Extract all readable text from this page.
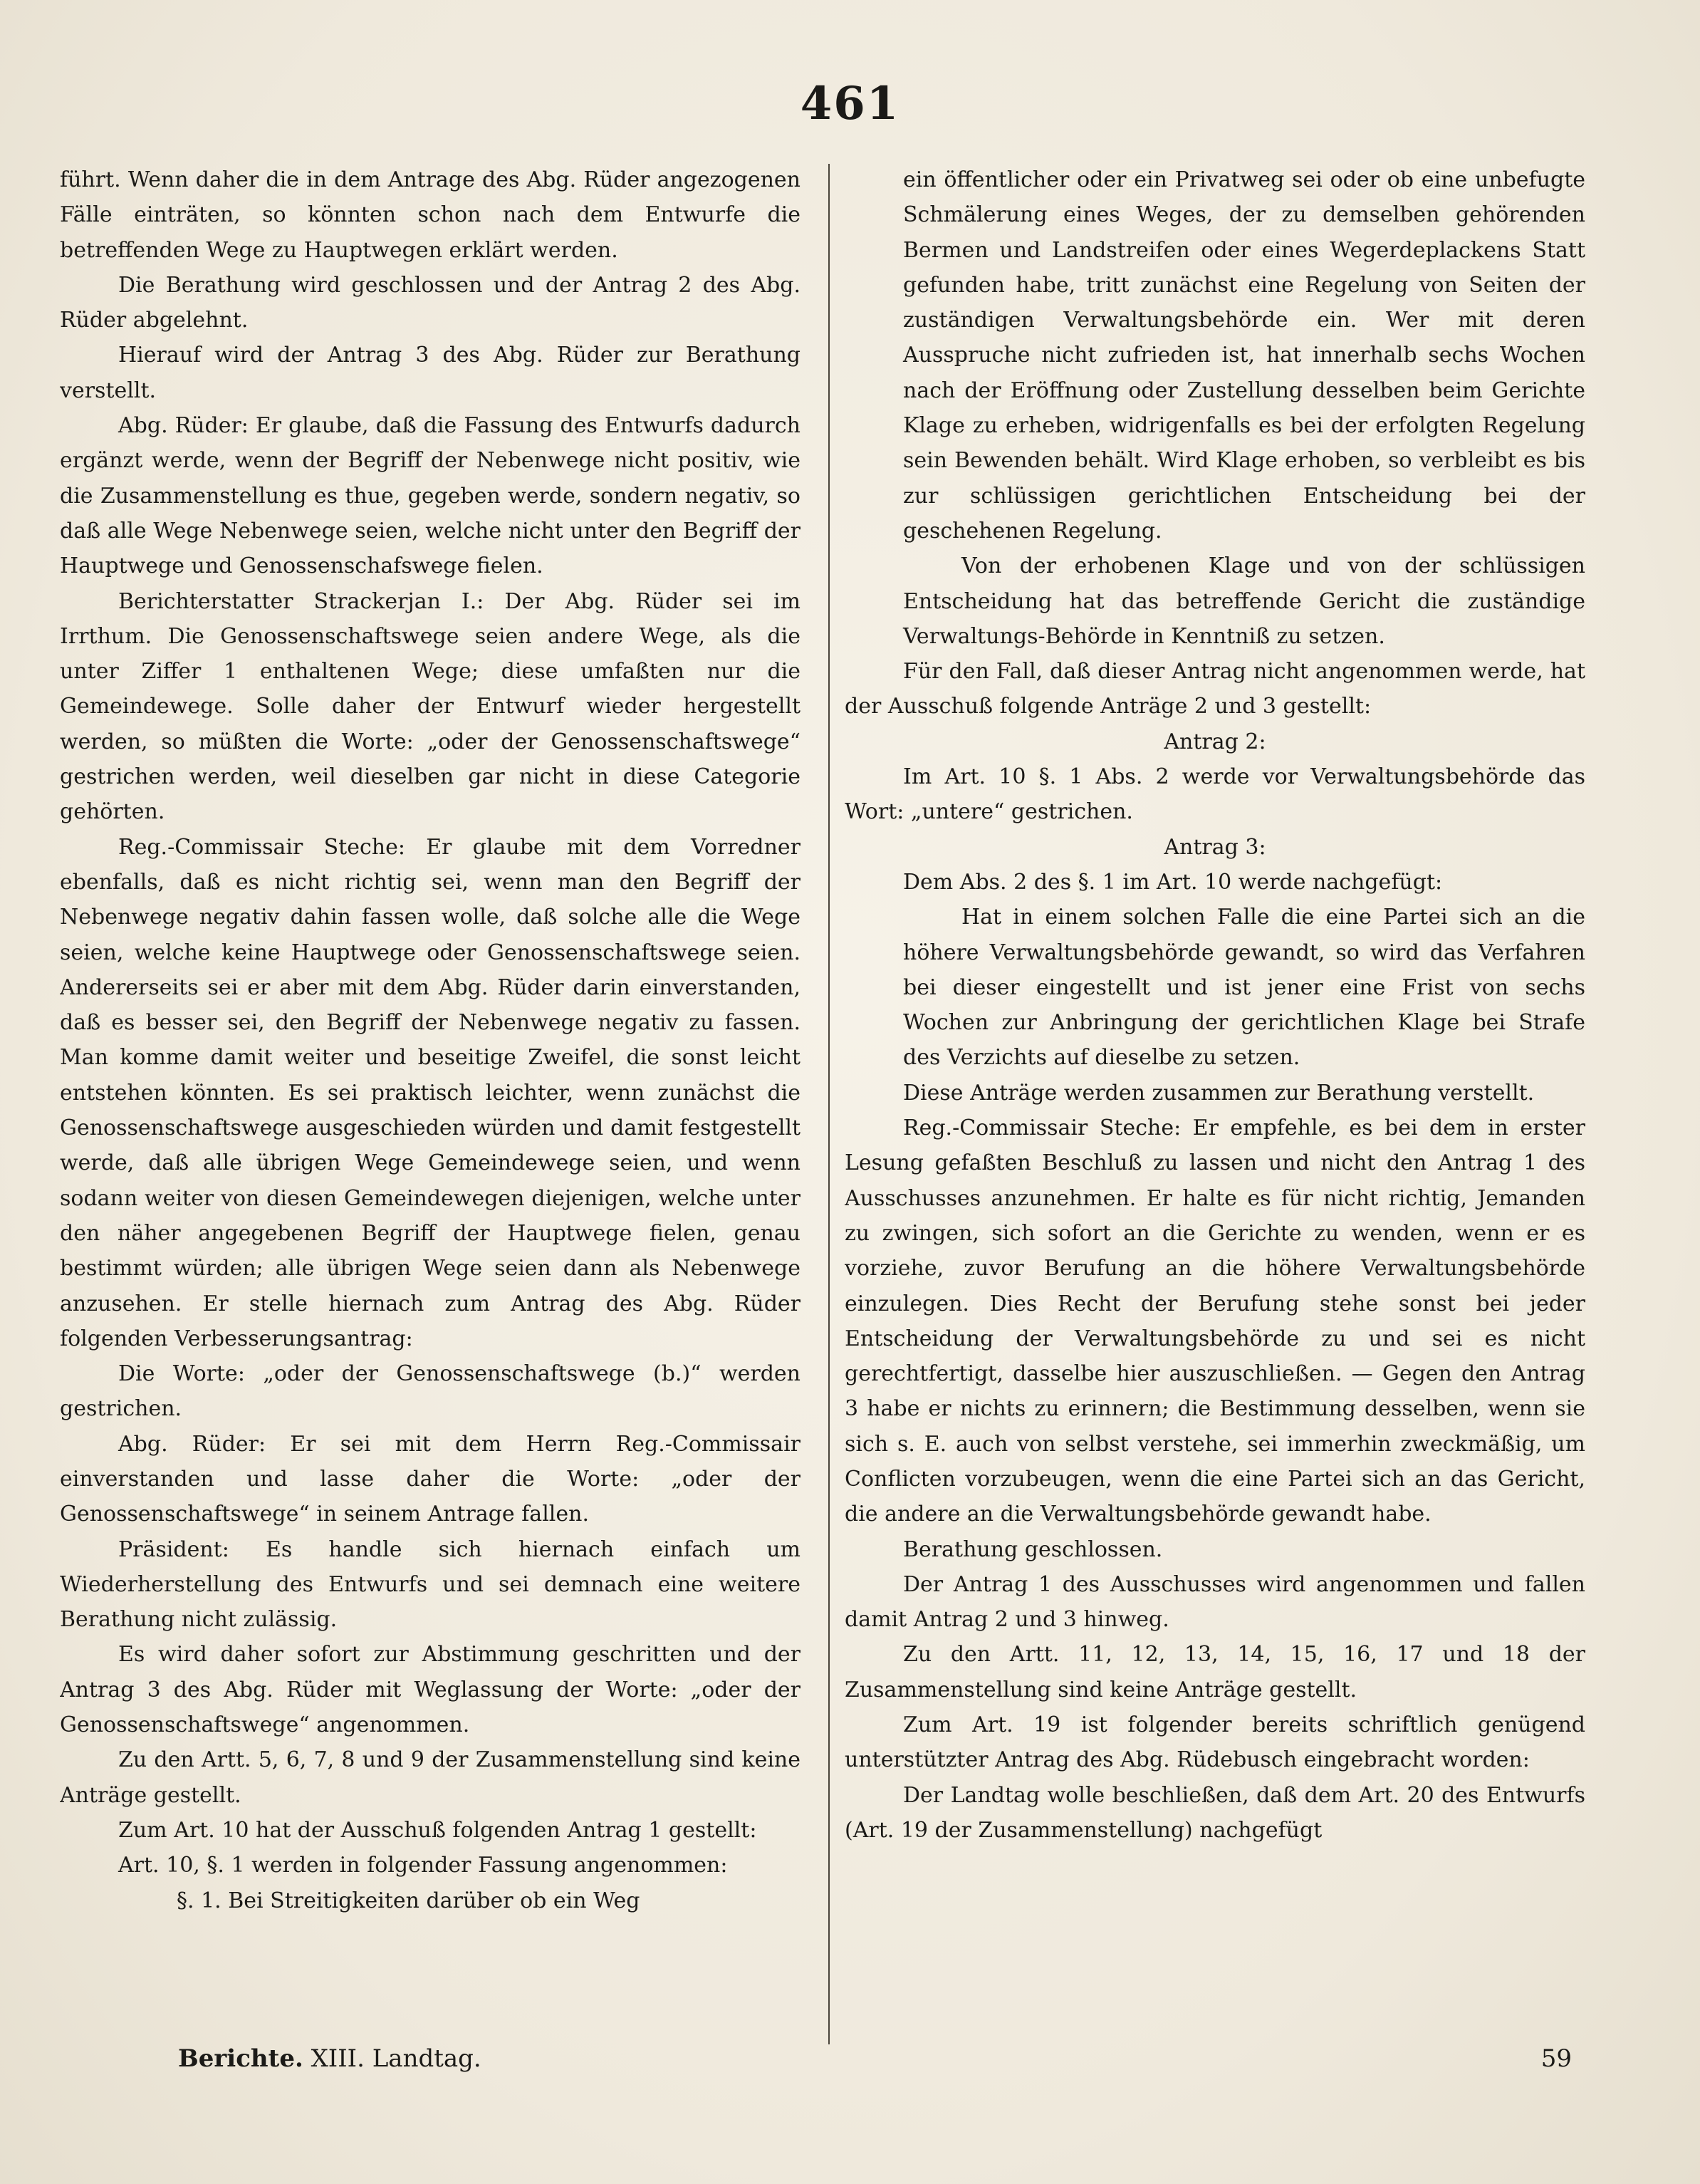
461

führt. Wenn daher die in dem Antrage des Abg. Rüder angezogenen Fälle einträten, so könnten schon nach dem Entwurfe die betreffenden Wege zu Hauptwegen erklärt werden.

Die Berathung wird geschlossen und der Antrag 2 des Abg. Rüder abgelehnt.

Hierauf wird der Antrag 3 des Abg. Rüder zur Berathung verstellt.

Abg. Rüder: Er glaube, daß die Fassung des Entwurfs dadurch ergänzt werde, wenn der Begriff der Nebenwege nicht positiv, wie die Zusammenstellung es thue, gegeben werde, sondern negativ, so daß alle Wege Nebenwege seien, welche nicht unter den Begriff der Hauptwege und Genossenschafswege fielen.

Berichterstatter Strackerjan I.: Der Abg. Rüder sei im Irrthum. Die Genossenschaftswege seien andere Wege, als die unter Ziffer 1 enthaltenen Wege; diese umfaßten nur die Gemeindewege. Solle daher der Entwurf wieder hergestellt werden, so müßten die Worte: „oder der Genossenschaftswege“ gestrichen werden, weil dieselben gar nicht in diese Categorie gehörten.

Reg.-Commissair Steche: Er glaube mit dem Vorredner ebenfalls, daß es nicht richtig sei, wenn man den Begriff der Nebenwege negativ dahin fassen wolle, daß solche alle die Wege seien, welche keine Hauptwege oder Genossenschaftswege seien. Andererseits sei er aber mit dem Abg. Rüder darin einverstanden, daß es besser sei, den Begriff der Nebenwege negativ zu fassen. Man komme damit weiter und beseitige Zweifel, die sonst leicht entstehen könnten. Es sei praktisch leichter, wenn zunächst die Genossenschaftswege ausgeschieden würden und damit festgestellt werde, daß alle übrigen Wege Gemeindewege seien, und wenn sodann weiter von diesen Gemeindewegen diejenigen, welche unter den näher angegebenen Begriff der Hauptwege fielen, genau bestimmt würden; alle übrigen Wege seien dann als Nebenwege anzusehen. Er stelle hiernach zum Antrag des Abg. Rüder folgenden Verbesserungsantrag:

Die Worte: „oder der Genossenschaftswege (b.)“ werden gestrichen.

Abg. Rüder: Er sei mit dem Herrn Reg.-Commissair einverstanden und lasse daher die Worte: „oder der Genossenschaftswege“ in seinem Antrage fallen.

Präsident: Es handle sich hiernach einfach um Wiederherstellung des Entwurfs und sei demnach eine weitere Berathung nicht zulässig.

Es wird daher sofort zur Abstimmung geschritten und der Antrag 3 des Abg. Rüder mit Weglassung der Worte: „oder der Genossenschaftswege“ angenommen.

Zu den Artt. 5, 6, 7, 8 und 9 der Zusammenstellung sind keine Anträge gestellt.

Zum Art. 10 hat der Ausschuß folgenden Antrag 1 gestellt:

Art. 10, §. 1 werden in folgender Fassung angenommen:

§. 1. Bei Streitigkeiten darüber ob ein Weg

ein öffentlicher oder ein Privatweg sei oder ob eine unbefugte Schmälerung eines Weges, der zu demselben gehörenden Bermen und Landstreifen oder eines Wegerdeplackens Statt gefunden habe, tritt zunächst eine Regelung von Seiten der zuständigen Verwaltungsbehörde ein. Wer mit deren Ausspruche nicht zufrieden ist, hat innerhalb sechs Wochen nach der Eröffnung oder Zustellung desselben beim Gerichte Klage zu erheben, widrigenfalls es bei der erfolgten Regelung sein Bewenden behält. Wird Klage erhoben, so verbleibt es bis zur schlüssigen gerichtlichen Entscheidung bei der geschehenen Regelung.

Von der erhobenen Klage und von der schlüssigen Entscheidung hat das betreffende Gericht die zuständige Verwaltungs-Behörde in Kenntniß zu setzen.

Für den Fall, daß dieser Antrag nicht angenommen werde, hat der Ausschuß folgende Anträge 2 und 3 gestellt:

Antrag 2:

Im Art. 10 §. 1 Abs. 2 werde vor Verwaltungsbehörde das Wort: „untere“ gestrichen.

Antrag 3:

Dem Abs. 2 des §. 1 im Art. 10 werde nachgefügt:

Hat in einem solchen Falle die eine Partei sich an die höhere Verwaltungsbehörde gewandt, so wird das Verfahren bei dieser eingestellt und ist jener eine Frist von sechs Wochen zur Anbringung der gerichtlichen Klage bei Strafe des Verzichts auf dieselbe zu setzen.

Diese Anträge werden zusammen zur Berathung verstellt.

Reg.-Commissair Steche: Er empfehle, es bei dem in erster Lesung gefaßten Beschluß zu lassen und nicht den Antrag 1 des Ausschusses anzunehmen. Er halte es für nicht richtig, Jemanden zu zwingen, sich sofort an die Gerichte zu wenden, wenn er es vorziehe, zuvor Berufung an die höhere Verwaltungsbehörde einzulegen. Dies Recht der Berufung stehe sonst bei jeder Entscheidung der Verwaltungsbehörde zu und sei es nicht gerechtfertigt, dasselbe hier auszuschließen. — Gegen den Antrag 3 habe er nichts zu erinnern; die Bestimmung desselben, wenn sie sich s. E. auch von selbst verstehe, sei immerhin zweckmäßig, um Conflicten vorzubeugen, wenn die eine Partei sich an das Gericht, die andere an die Verwaltungsbehörde gewandt habe.

Berathung geschlossen.

Der Antrag 1 des Ausschusses wird angenommen und fallen damit Antrag 2 und 3 hinweg.

Zu den Artt. 11, 12, 13, 14, 15, 16, 17 und 18 der Zusammenstellung sind keine Anträge gestellt.

Zum Art. 19 ist folgender bereits schriftlich genügend unterstützter Antrag des Abg. Rüdebusch eingebracht worden:

Der Landtag wolle beschließen, daß dem Art. 20 des Entwurfs (Art. 19 der Zusammenstellung) nachgefügt

Berichte. XIII. Landtag.	59
